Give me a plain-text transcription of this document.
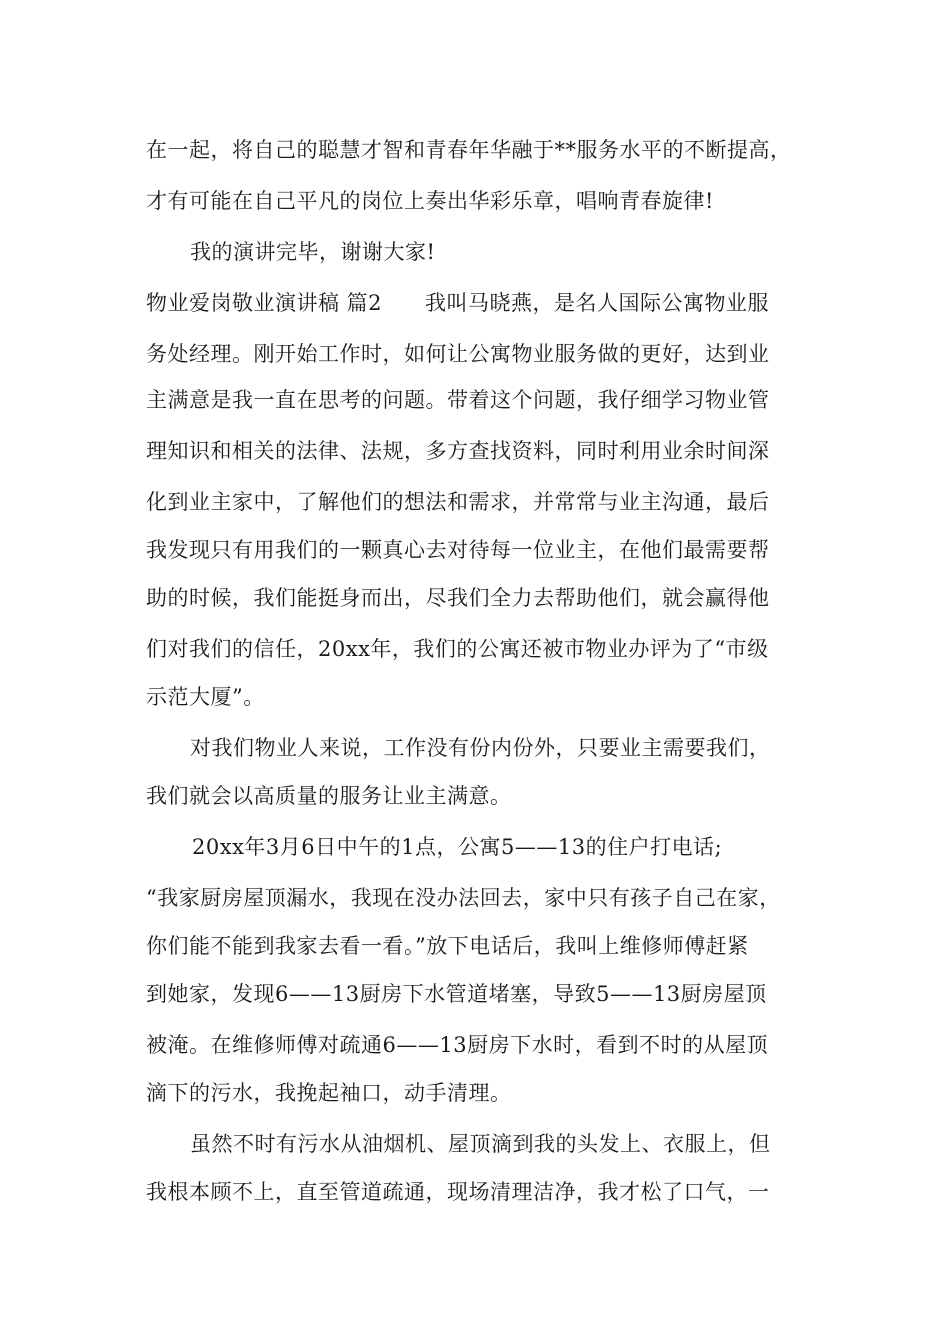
在一起，将自己的聪慧才智和青春年华融于**服务水平的不断提高，
才有可能在自己平凡的岗位上奏出华彩乐章，唱响青春旋律!
我的演讲完毕，谢谢大家!
物业爱岗敬业演讲稿 篇2　　我叫马晓燕，是名人国际公寓物业服
务处经理。刚开始工作时，如何让公寓物业服务做的更好，达到业
主满意是我一直在思考的问题。带着这个问题，我仔细学习物业管
理知识和相关的法律、法规，多方查找资料，同时利用业余时间深
化到业主家中，了解他们的想法和需求，并常常与业主沟通，最后
我发现只有用我们的一颗真心去对待每一位业主，在他们最需要帮
助的时候，我们能挺身而出，尽我们全力去帮助他们，就会赢得他
们对我们的信任，20xx年，我们的公寓还被市物业办评为了“市级
示范大厦”。
对我们物业人来说，工作没有份内份外，只要业主需要我们，
我们就会以高质量的服务让业主满意。
20xx年3月6日中午的1点，公寓5——13的住户打电话;
“我家厨房屋顶漏水，我现在没办法回去，家中只有孩子自己在家，
你们能不能到我家去看一看。”放下电话后，我叫上维修师傅赶紧
到她家，发现6——13厨房下水管道堵塞，导致5——13厨房屋顶
被淹。在维修师傅对疏通6——13厨房下水时，看到不时的从屋顶
滴下的污水，我挽起袖口，动手清理。
虽然不时有污水从油烟机、屋顶滴到我的头发上、衣服上，但
我根本顾不上，直至管道疏通，现场清理洁净，我才松了口气，一
